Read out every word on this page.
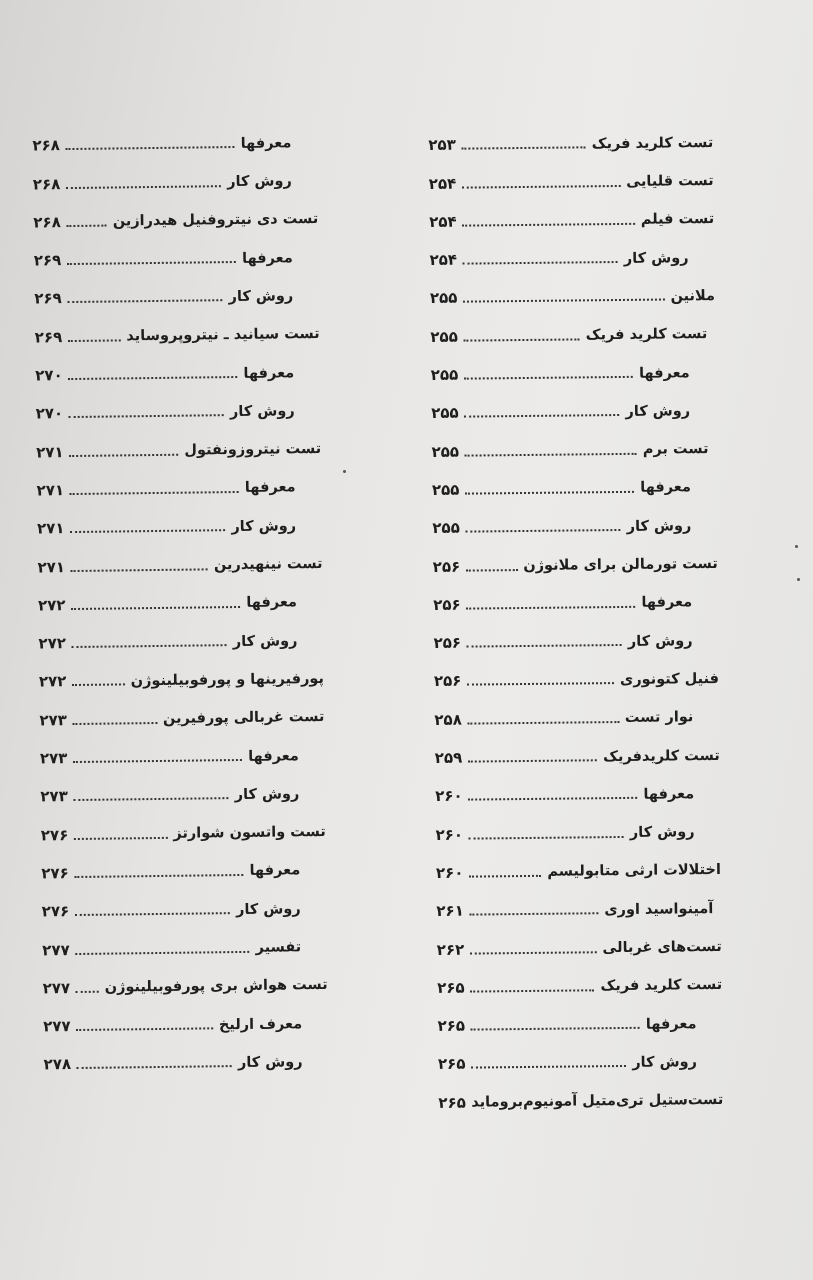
تست کلرید فریک
۲۵۳
تست قلیایی
۲۵۴
تست فیلم
۲۵۴
روش کار
۲۵۴
ملانین
۲۵۵
تست کلرید فریک
۲۵۵
معرفها
۲۵۵
روش کار
۲۵۵
تست برم
۲۵۵
معرفها
۲۵۵
روش کار
۲۵۵
تست تورمالن برای ملانوژن
۲۵۶
معرفها
۲۵۶
روش کار
۲۵۶
فنیل کتونوری
۲۵۶
نوار تست
۲۵۸
تست کلریدفریک
۲۵۹
معرفها
۲۶۰
روش کار
۲۶۰
اختلالات ارثی متابولیسم
۲۶۰
آمینواسید اوری
۲۶۱
تست‌های غربالی
۲۶۲
تست کلرید فریک
۲۶۵
معرفها
۲۶۵
روش کار
۲۶۵
تست‌ستیل تری‌متیل آمونیوم‌بروماید
۲۶۵
معرفها
۲۶۸
روش کار
۲۶۸
تست دی نیتروفنیل هیدرازین
۲۶۸
معرفها
۲۶۹
روش کار
۲۶۹
تست سیانید ـ نیتروپروساید
۲۶۹
معرفها
۲۷۰
روش کار
۲۷۰
تست نیتروزونفتول
۲۷۱
معرفها
۲۷۱
روش کار
۲۷۱
تست نینهیدرین
۲۷۱
معرفها
۲۷۲
روش کار
۲۷۲
پورفیرینها و پورفوبیلینوژن
۲۷۲
تست غربالی پورفیرین
۲۷۳
معرفها
۲۷۳
روش کار
۲۷۳
تست واتسون شوارتز
۲۷۶
معرفها
۲۷۶
روش کار
۲۷۶
تفسیر
۲۷۷
تست هواش بری پورفوبیلینوژن
۲۷۷
معرف ارلیخ
۲۷۷
روش کار
۲۷۸
